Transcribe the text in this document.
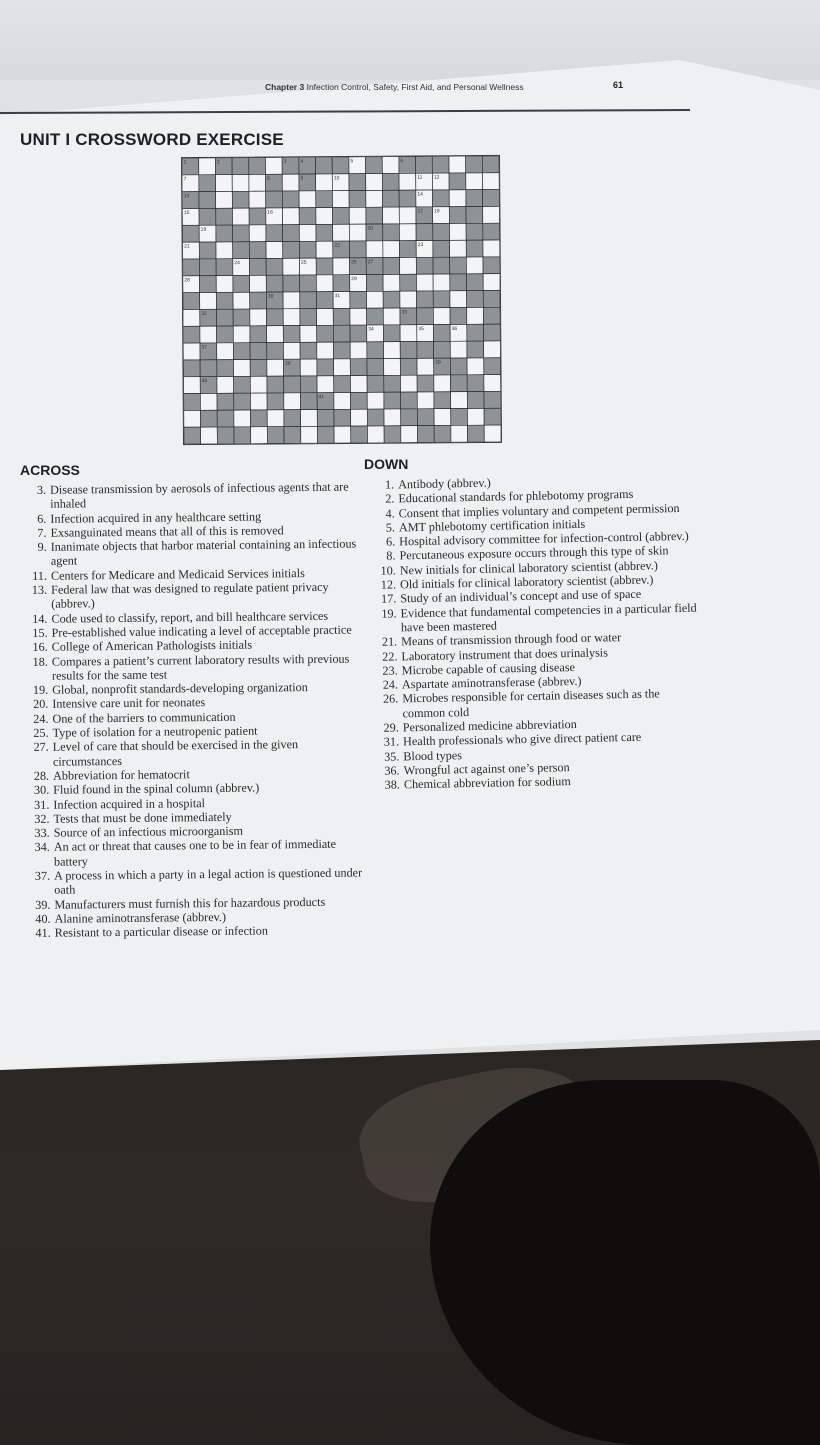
Chapter 3 Infection Control, Safety, First Aid, and Personal Wellness	61
UNIT I CROSSWORD EXERCISE
1	2	3	4	5	6
7	8	9	10	11 12
13	14
15	16	17 18
19	20
21	22	23
24	25	26 27
28	29
30	31
32	33
34	35	36
37
38	39
40
41
ACROSS	DOWN
3. Disease transmission by aerosols of infectious agents that are inhaled
6. Infection acquired in any healthcare setting
7. Exsanguinated means that all of this is removed
9. Inanimate objects that harbor material containing an infectious agent
11. Centers for Medicare and Medicaid Services initials
13. Federal law that was designed to regulate patient privacy (abbrev.)
14. Code used to classify, report, and bill healthcare services
15. Pre-established value indicating a level of acceptable practice
16. College of American Pathologists initials
18. Compares a patient’s current laboratory results with previous results for the same test
19. Global, nonprofit standards-developing organization
20. Intensive care unit for neonates
24. One of the barriers to communication
25. Type of isolation for a neutropenic patient
27. Level of care that should be exercised in the given circumstances
28. Abbreviation for hematocrit
30. Fluid found in the spinal column (abbrev.)
31. Infection acquired in a hospital
32. Tests that must be done immediately
33. Source of an infectious microorganism
34. An act or threat that causes one to be in fear of immediate battery
37. A process in which a party in a legal action is questioned under oath
39. Manufacturers must furnish this for hazardous products
40. Alanine aminotransferase (abbrev.)
41. Resistant to a particular disease or infection
1. Antibody (abbrev.)
2. Educational standards for phlebotomy programs
4. Consent that implies voluntary and competent permission
5. AMT phlebotomy certification initials
6. Hospital advisory committee for infection-control (abbrev.)
8. Percutaneous exposure occurs through this type of skin
10. New initials for clinical laboratory scientist (abbrev.)
12. Old initials for clinical laboratory scientist (abbrev.)
17. Study of an individual’s concept and use of space
19. Evidence that fundamental competencies in a particular field have been mastered
21. Means of transmission through food or water
22. Laboratory instrument that does urinalysis
23. Microbe capable of causing disease
24. Aspartate aminotransferase (abbrev.)
26. Microbes responsible for certain diseases such as the common cold
29. Personalized medicine abbreviation
31. Health professionals who give direct patient care
35. Blood types
36. Wrongful act against one’s person
38. Chemical abbreviation for sodium
